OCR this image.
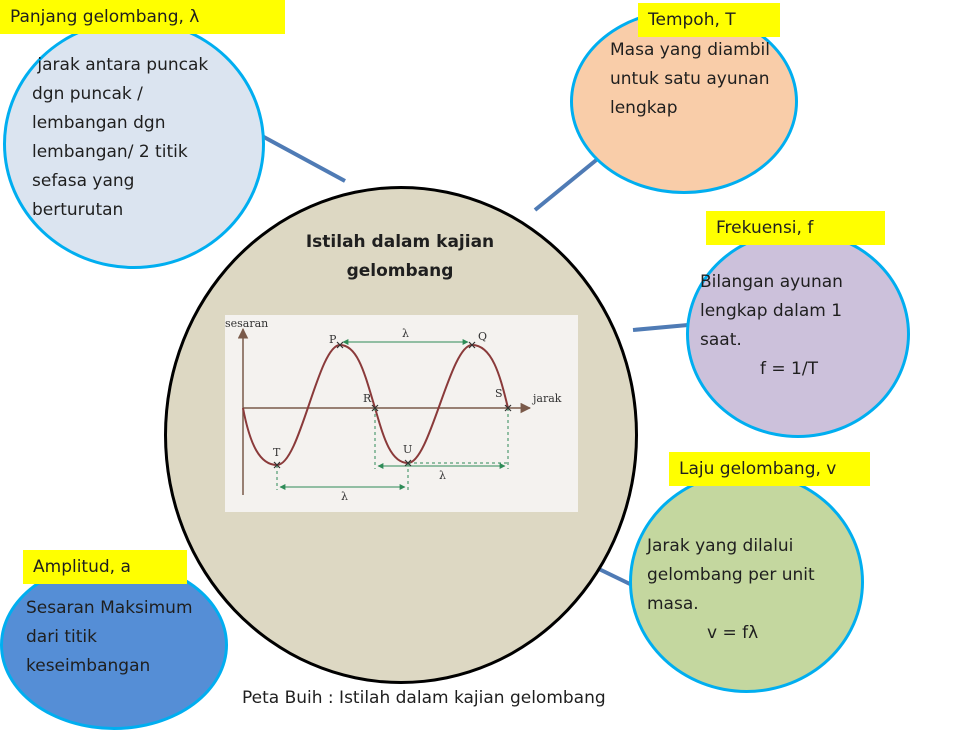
Istilah dalam kajian
gelombang
sesaran
jarak
λ
λ
λ
P	Q
R	S
T	U
Panjang gelombang, λ
jarak antara puncak
dgn puncak /
lembangan dgn
lembangan/ 2 titik
sefasa yang
berturutan
Tempoh, T
Masa yang diambil
untuk satu ayunan
lengkap
Frekuensi, f
Bilangan ayunan
lengkap dalam 1
saat.
f = 1/T
Laju gelombang, v
Jarak yang dilalui
gelombang per unit
masa.
v = fλ
Amplitud, a
Sesaran Maksimum
dari titik
keseimbangan
Peta Buih : Istilah dalam kajian gelombang
